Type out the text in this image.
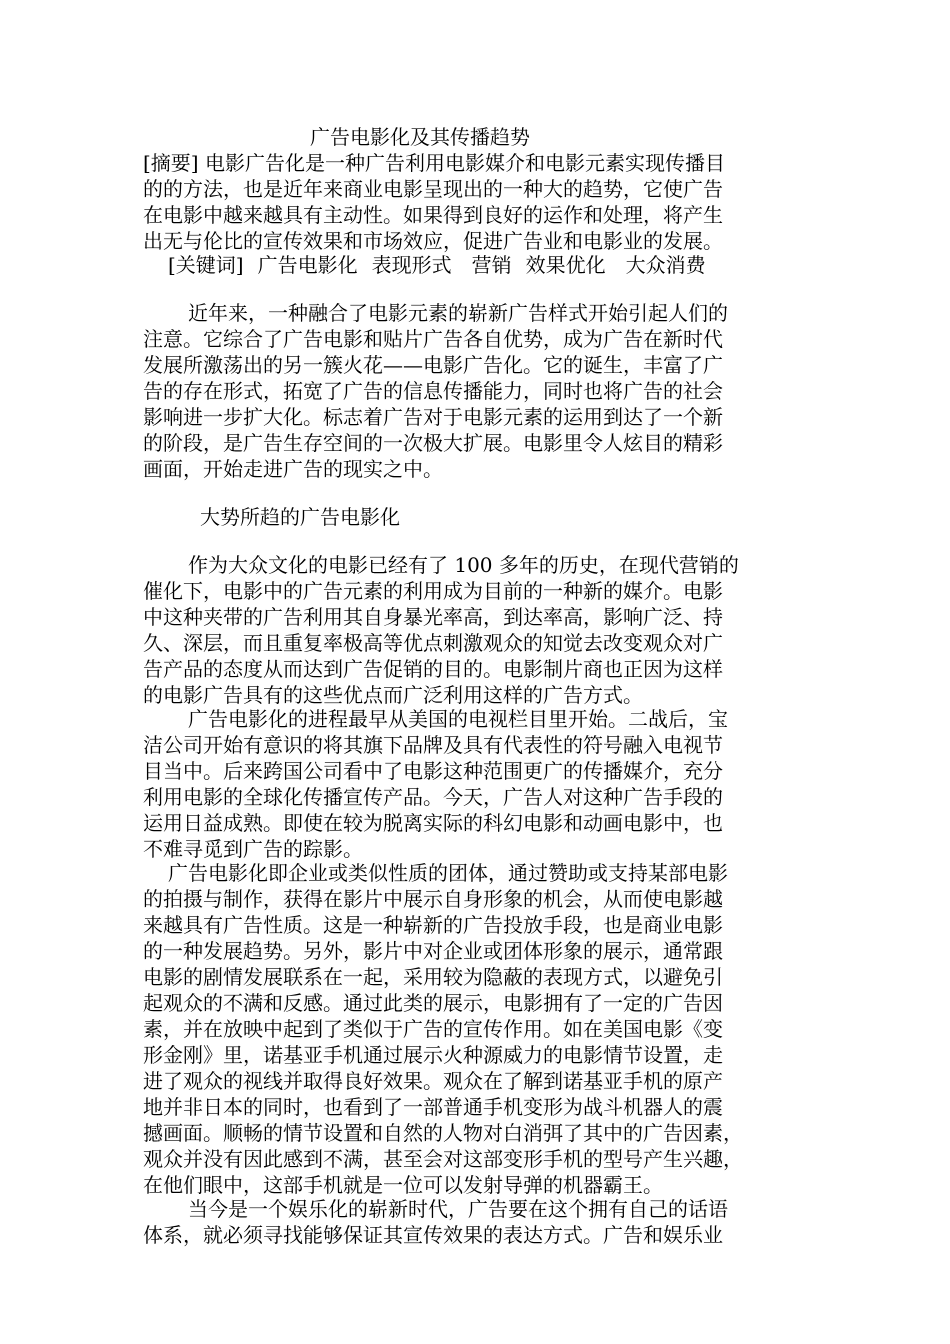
广告电影化及其传播趋势
[摘要] 电影广告化是一种广告利用电影媒介和电影元素实现传播目
的的方法，也是近年来商业电影呈现出的一种大的趋势，它使广告
在电影中越来越具有主动性。如果得到良好的运作和处理，将产生
出无与伦比的宣传效果和市场效应，促进广告业和电影业的发展。
[关键词] 广告电影化 表现形式 营销 效果优化 大众消费
近年来，一种融合了电影元素的崭新广告样式开始引起人们的
注意。它综合了广告电影和贴片广告各自优势，成为广告在新时代
发展所激荡出的另一簇火花——电影广告化。它的诞生，丰富了广
告的存在形式，拓宽了广告的信息传播能力，同时也将广告的社会
影响进一步扩大化。标志着广告对于电影元素的运用到达了一个新
的阶段，是广告生存空间的一次极大扩展。电影里令人炫目的精彩
画面，开始走进广告的现实之中。
大势所趋的广告电影化
作为大众文化的电影已经有了 100 多年的历史，在现代营销的
催化下，电影中的广告元素的利用成为目前的一种新的媒介。电影
中这种夹带的广告利用其自身暴光率高，到达率高，影响广泛、持
久、深层，而且重复率极高等优点刺激观众的知觉去改变观众对广
告产品的态度从而达到广告促销的目的。电影制片商也正因为这样
的电影广告具有的这些优点而广泛利用这样的广告方式。
广告电影化的进程最早从美国的电视栏目里开始。二战后，宝
洁公司开始有意识的将其旗下品牌及具有代表性的符号融入电视节
目当中。后来跨国公司看中了电影这种范围更广的传播媒介，充分
利用电影的全球化传播宣传产品。今天，广告人对这种广告手段的
运用日益成熟。即使在较为脱离实际的科幻电影和动画电影中，也
不难寻觅到广告的踪影。
广告电影化即企业或类似性质的团体，通过赞助或支持某部电影
的拍摄与制作，获得在影片中展示自身形象的机会，从而使电影越
来越具有广告性质。这是一种崭新的广告投放手段，也是商业电影
的一种发展趋势。另外，影片中对企业或团体形象的展示，通常跟
电影的剧情发展联系在一起，采用较为隐蔽的表现方式，以避免引
起观众的不满和反感。通过此类的展示，电影拥有了一定的广告因
素，并在放映中起到了类似于广告的宣传作用。如在美国电影《变
形金刚》里，诺基亚手机通过展示火种源威力的电影情节设置，走
进了观众的视线并取得良好效果。观众在了解到诺基亚手机的原产
地并非日本的同时，也看到了一部普通手机变形为战斗机器人的震
撼画面。顺畅的情节设置和自然的人物对白消弭了其中的广告因素，
观众并没有因此感到不满，甚至会对这部变形手机的型号产生兴趣，
在他们眼中，这部手机就是一位可以发射导弹的机器霸王。
当今是一个娱乐化的崭新时代，广告要在这个拥有自己的话语
体系，就必须寻找能够保证其宣传效果的表达方式。广告和娱乐业
